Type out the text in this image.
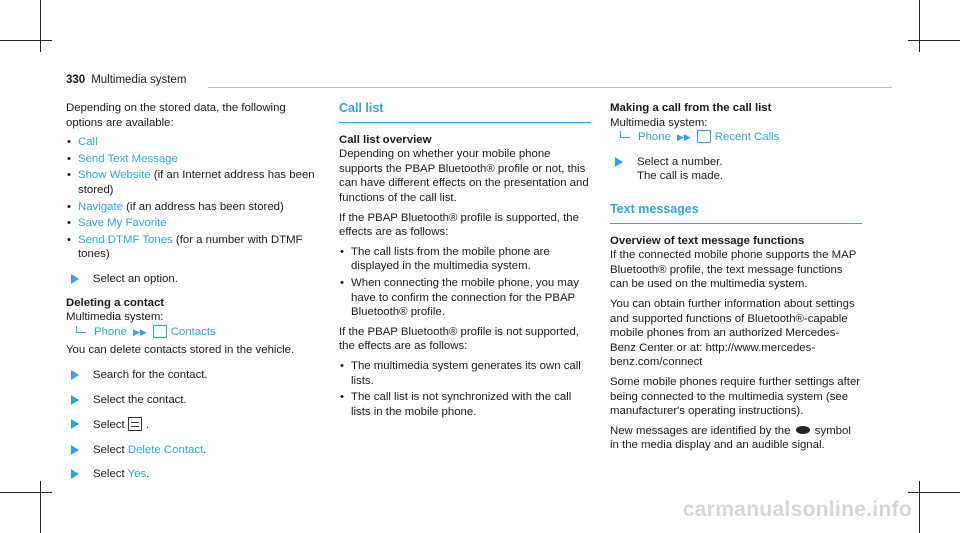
330 Multimedia system

Depending on the stored data, the following options are available:

• Call
• Send Text Message
• Show Website (if an Internet address has been stored)
• Navigate (if an address has been stored)
• Save My Favorite
• Send DTMF Tones (for a number with DTMF tones)
Select an option.
Deleting a contact
Multimedia system:
Phone ▶▶ Contacts

You can delete contacts stored in the vehicle.

Search for the contact.
Select the contact.
Select .
Select Delete Contact.
Select Yes.
Call list
Call list overview

Depending on whether your mobile phone supports the PBAP Bluetooth® profile or not, this can have different effects on the presentation and functions of the call list.

If the PBAP Bluetooth® profile is supported, the effects are as follows:

• The call lists from the mobile phone are displayed in the multimedia system.
• When connecting the mobile phone, you may have to confirm the connection for the PBAP Bluetooth® profile.

If the PBAP Bluetooth® profile is not supported, the effects are as follows:

• The multimedia system generates its own call lists.
• The call list is not synchronized with the call lists in the mobile phone.
Making a call from the call list
Multimedia system:
Phone ▶▶ Recent Calls
Select a number.
The call is made.
Text messages
Overview of text message functions

If the connected mobile phone supports the MAP Bluetooth® profile, the text message functions can be used on the multimedia system.

You can obtain further information about settings and supported functions of Bluetooth®-capable mobile phones from an authorized Mercedes-Benz Center or at: http://www.mercedes-benz.com/connect

Some mobile phones require further settings after being connected to the multimedia system (see manufacturer's operating instructions).

New messages are identified by the symbol in the media display and an audible signal.

carmanualsonline.info
